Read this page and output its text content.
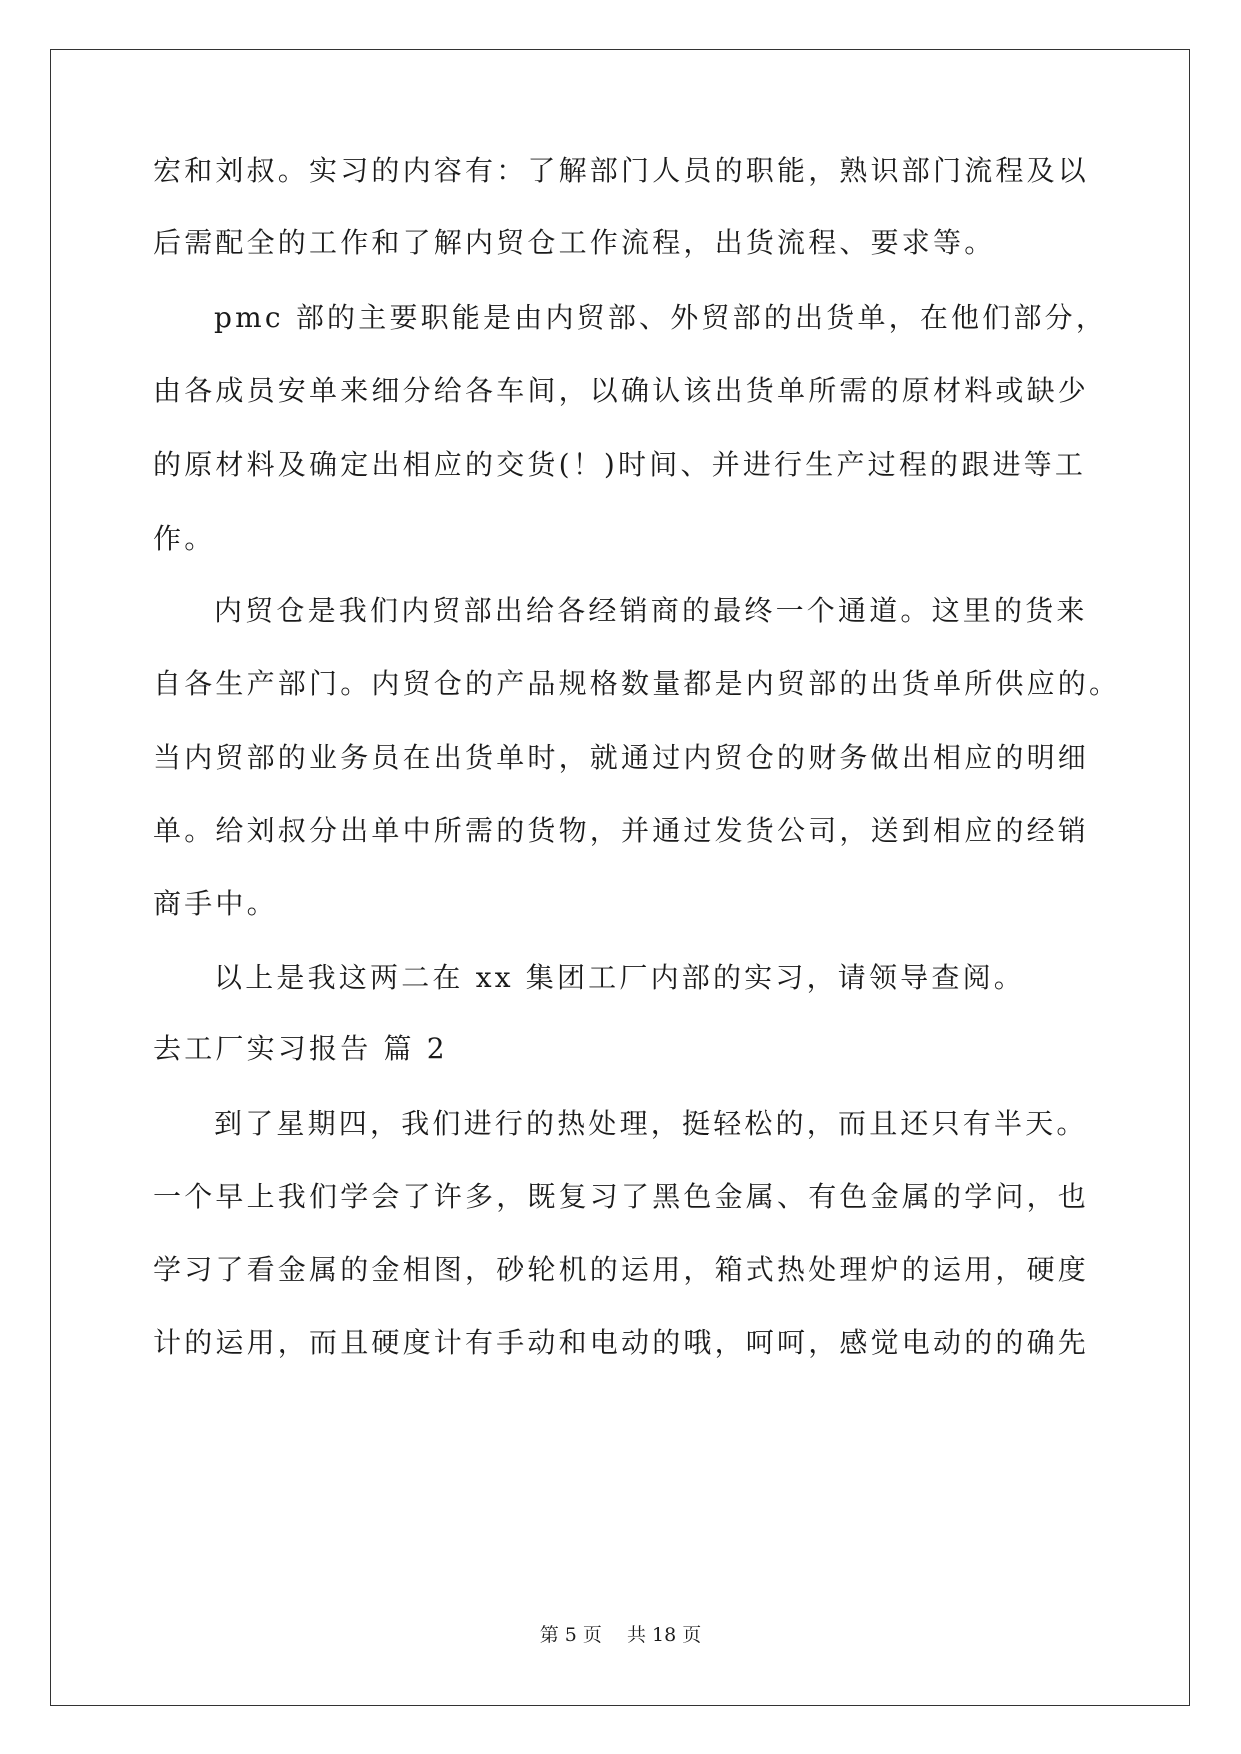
宏和刘叔。实习的内容有：了解部门人员的职能，熟识部门流程及以
后需配全的工作和了解内贸仓工作流程，出货流程、要求等。
pmc 部的主要职能是由内贸部、外贸部的出货单，在他们部分，
由各成员安单来细分给各车间，以确认该出货单所需的原材料或缺少
的原材料及确定出相应的交货(！)时间、并进行生产过程的跟进等工
作。
内贸仓是我们内贸部出给各经销商的最终一个通道。这里的货来
自各生产部门。内贸仓的产品规格数量都是内贸部的出货单所供应的。
当内贸部的业务员在出货单时，就通过内贸仓的财务做出相应的明细
单。给刘叔分出单中所需的货物，并通过发货公司，送到相应的经销
商手中。
以上是我这两二在 xx 集团工厂内部的实习，请领导查阅。
去工厂实习报告 篇 2
到了星期四，我们进行的热处理，挺轻松的，而且还只有半天。
一个早上我们学会了许多，既复习了黑色金属、有色金属的学问，也
学习了看金属的金相图，砂轮机的运用，箱式热处理炉的运用，硬度
计的运用，而且硬度计有手动和电动的哦，呵呵，感觉电动的的确先
第 5 页　 共 18 页
